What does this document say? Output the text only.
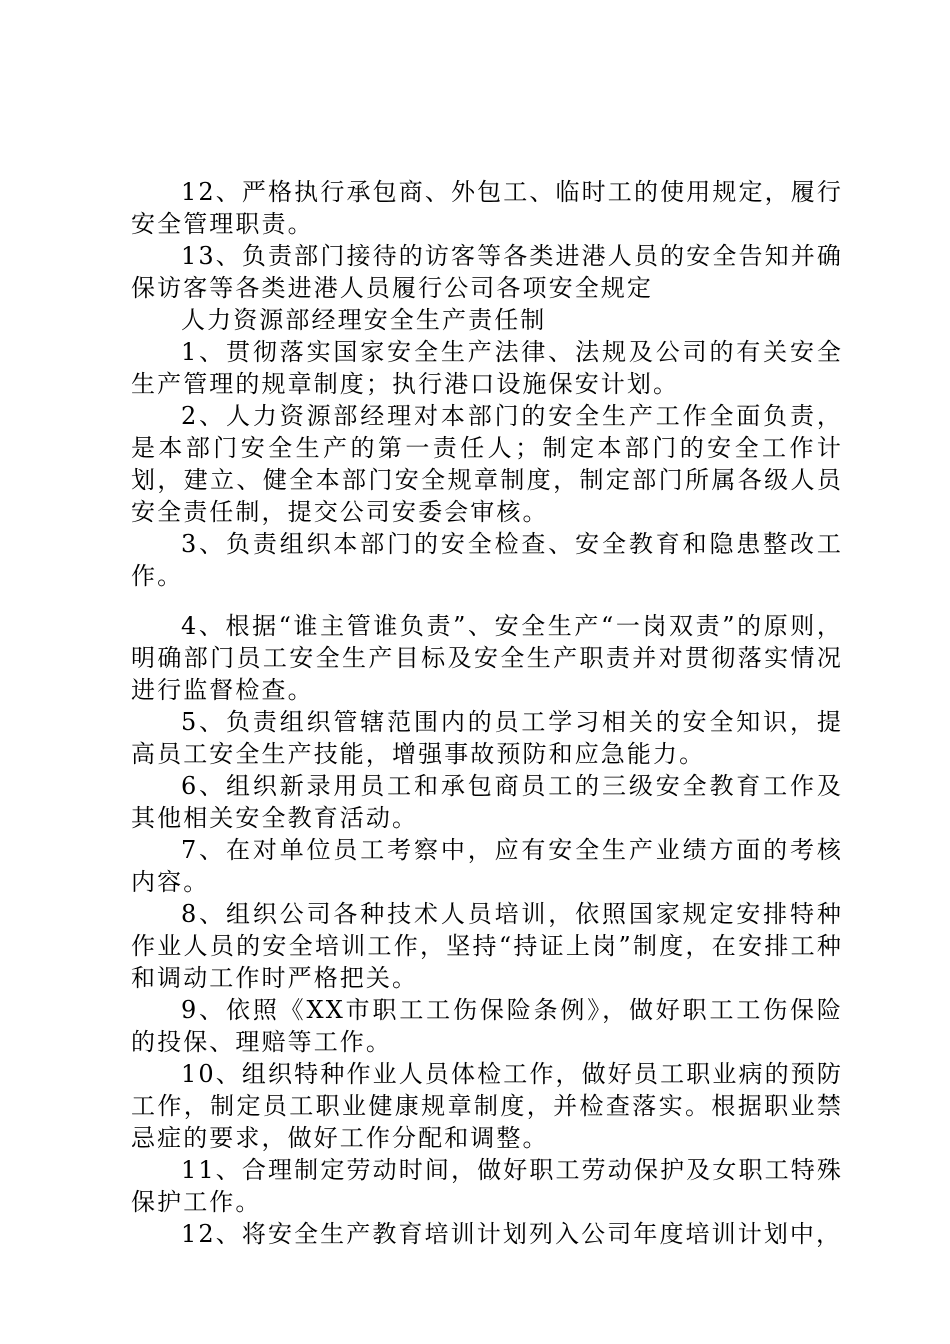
12、严格执行承包商、外包工、临时工的使用规定，履行安全管理职责。

13、负责部门接待的访客等各类进港人员的安全告知并确保访客等各类进港人员履行公司各项安全规定

人力资源部经理安全生产责任制

1、贯彻落实国家安全生产法律、法规及公司的有关安全生产管理的规章制度；执行港口设施保安计划。

2、人力资源部经理对本部门的安全生产工作全面负责，是本部门安全生产的第一责任人；制定本部门的安全工作计划，建立、健全本部门安全规章制度，制定部门所属各级人员安全责任制，提交公司安委会审核。

3、负责组织本部门的安全检查、安全教育和隐患整改工作。

4、根据“谁主管谁负责”、安全生产“一岗双责”的原则，明确部门员工安全生产目标及安全生产职责并对贯彻落实情况进行监督检查。

5、负责组织管辖范围内的员工学习相关的安全知识，提高员工安全生产技能，增强事故预防和应急能力。

6、组织新录用员工和承包商员工的三级安全教育工作及其他相关安全教育活动。

7、在对单位员工考察中，应有安全生产业绩方面的考核内容。

8、组织公司各种技术人员培训，依照国家规定安排特种作业人员的安全培训工作，坚持“持证上岗”制度，在安排工种和调动工作时严格把关。

9、依照《XX市职工工伤保险条例》，做好职工工伤保险的投保、理赔等工作。

10、组织特种作业人员体检工作，做好员工职业病的预防工作，制定员工职业健康规章制度，并检查落实。根据职业禁忌症的要求，做好工作分配和调整。

11、合理制定劳动时间，做好职工劳动保护及女职工特殊保护工作。

12、将安全生产教育培训计划列入公司年度培训计划中，
